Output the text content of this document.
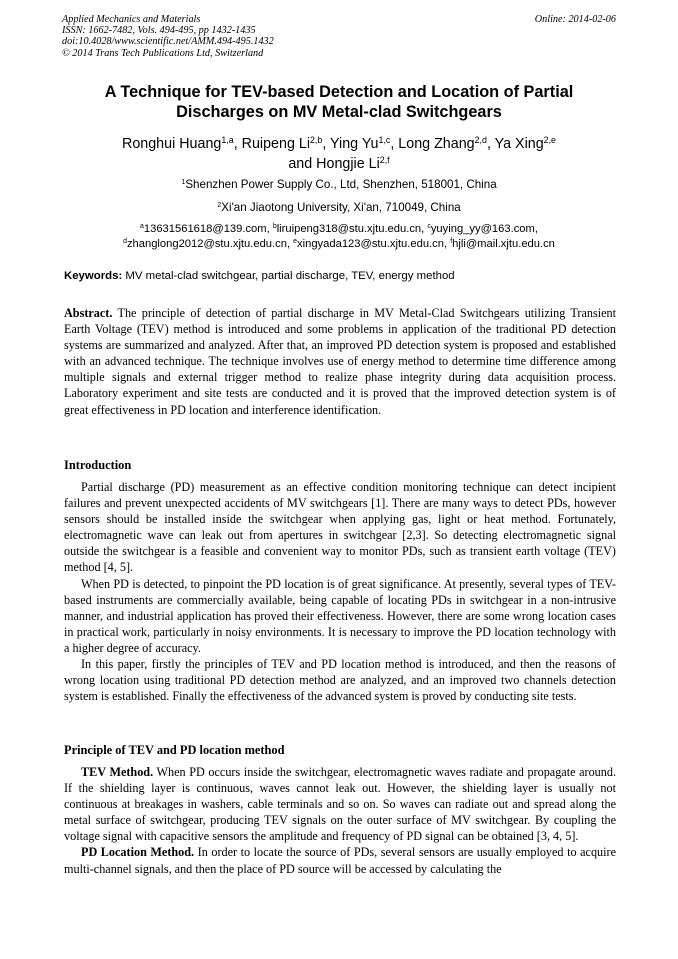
Applied Mechanics and Materials
ISSN: 1662-7482, Vols. 494-495, pp 1432-1435
doi:10.4028/www.scientific.net/AMM.494-495.1432
© 2014 Trans Tech Publications Ltd, Switzerland
Online: 2014-02-06
A Technique for TEV-based Detection and Location of Partial
Discharges on MV Metal-clad Switchgears
Ronghui Huang$^{1,a}$, Ruipeng Li$^{2,b}$, Ying Yu$^{1,c}$, Long Zhang$^{2,d}$, Ya Xing$^{2,e}$
and Hongjie Li$^{2,f}$
$^1$Shenzhen Power Supply Co., Ltd, Shenzhen, 518001, China
$^2$Xi'an Jiaotong University, Xi'an, 710049, China
$^a$13631561618@139.com, $^b$liruipeng318@stu.xjtu.edu.cn, $^c$yuying_yy@163.com,
$^d$zhanglong2012@stu.xjtu.edu.cn, $^e$xingyada123@stu.xjtu.edu.cn, $^f$hjli@mail.xjtu.edu.cn
Keywords: MV metal-clad switchgear, partial discharge, TEV, energy method
Abstract. The principle of detection of partial discharge in MV Metal-Clad Switchgears utilizing Transient Earth Voltage (TEV) method is introduced and some problems in application of the traditional PD detection systems are summarized and analyzed. After that, an improved PD detection system is proposed and established with an advanced technique. The technique involves use of energy method to determine time difference among multiple signals and external trigger method to realize phase integrity during data acquisition process. Laboratory experiment and site tests are conducted and it is proved that the improved detection system is of great effectiveness in PD location and interference identification.
Introduction

Partial discharge (PD) measurement as an effective condition monitoring technique can detect incipient failures and prevent unexpected accidents of MV switchgears [1]. There are many ways to detect PDs, however sensors should be installed inside the switchgear when applying gas, light or heat method. Fortunately, electromagnetic wave can leak out from apertures in switchgear [2,3]. So detecting electromagnetic signal outside the switchgear is a feasible and convenient way to monitor PDs, such as transient earth voltage (TEV) method [4, 5].

When PD is detected, to pinpoint the PD location is of great significance. At presently, several types of TEV-based instruments are commercially available, being capable of locating PDs in switchgear in a non-intrusive manner, and industrial application has proved their effectiveness. However, there are some wrong location cases in practical work, particularly in noisy environments. It is necessary to improve the PD location technology with a higher degree of accuracy.

In this paper, firstly the principles of TEV and PD location method is introduced, and then the reasons of wrong location using traditional PD detection method are analyzed, and an improved two channels detection system is established. Finally the effectiveness of the advanced system is proved by conducting site tests.

Principle of TEV and PD location method

TEV Method. When PD occurs inside the switchgear, electromagnetic waves radiate and propagate around. If the shielding layer is continuous, waves cannot leak out. However, the shielding layer is usually not continuous at breakages in washers, cable terminals and so on. So waves can radiate out and spread along the metal surface of switchgear, producing TEV signals on the outer surface of MV switchgear. By coupling the voltage signal with capacitive sensors the amplitude and frequency of PD signal can be obtained [3, 4, 5].

PD Location Method. In order to locate the source of PDs, several sensors are usually employed to acquire multi-channel signals, and then the place of PD source will be accessed by calculating the
